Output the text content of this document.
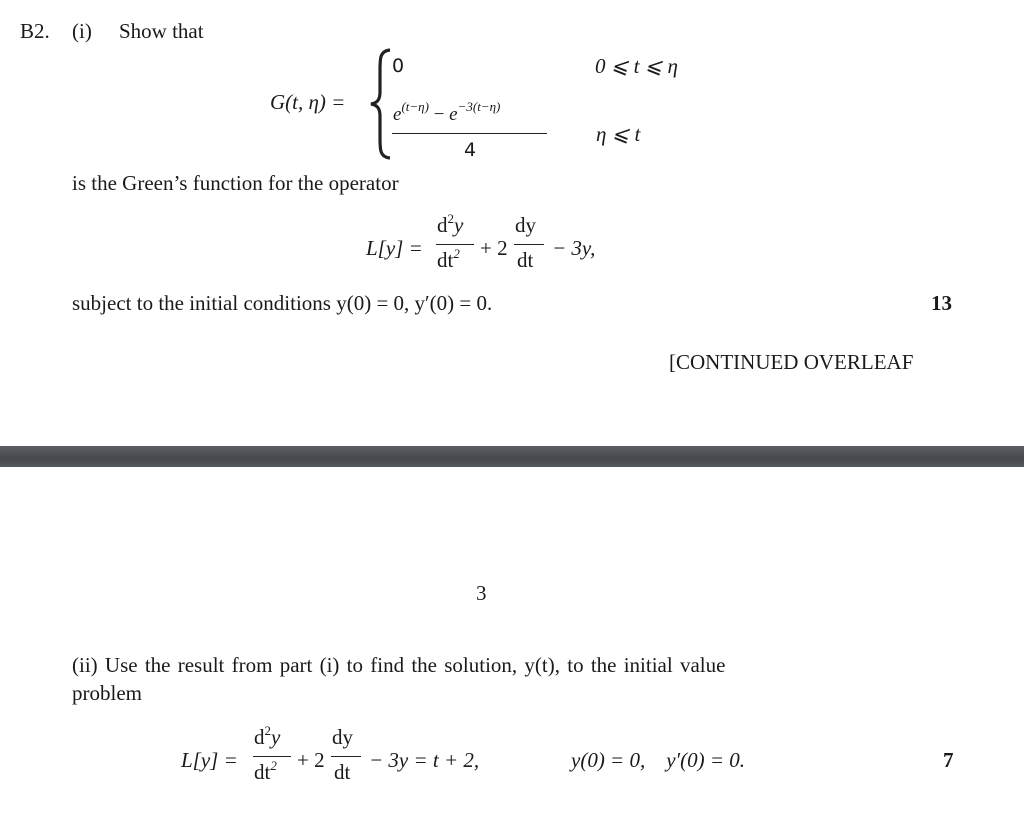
B2. (i) Show that
G(t, η) =
0	0 ⩽ t ⩽ η
$e^{(t-\eta)} - e^{-3(t-\eta)}$
4
η ⩽ t
is the Green’s function for the operator
L[y] =
$d^2y$
$dt^2 + 2$
dy
dt − 3y,
subject to the initial conditions y(0) = 0, y′(0) = 0.	13
[CONTINUED OVERLEAF
3
(ii) Use the result from part (i) to find the solution, y(t), to the initial value
problem
L[y] =
$d^2y$
$dt^2 + 2$
dy
dt − 3y = t + 2,	y(0) = 0,    y′(0) = 0.	7
